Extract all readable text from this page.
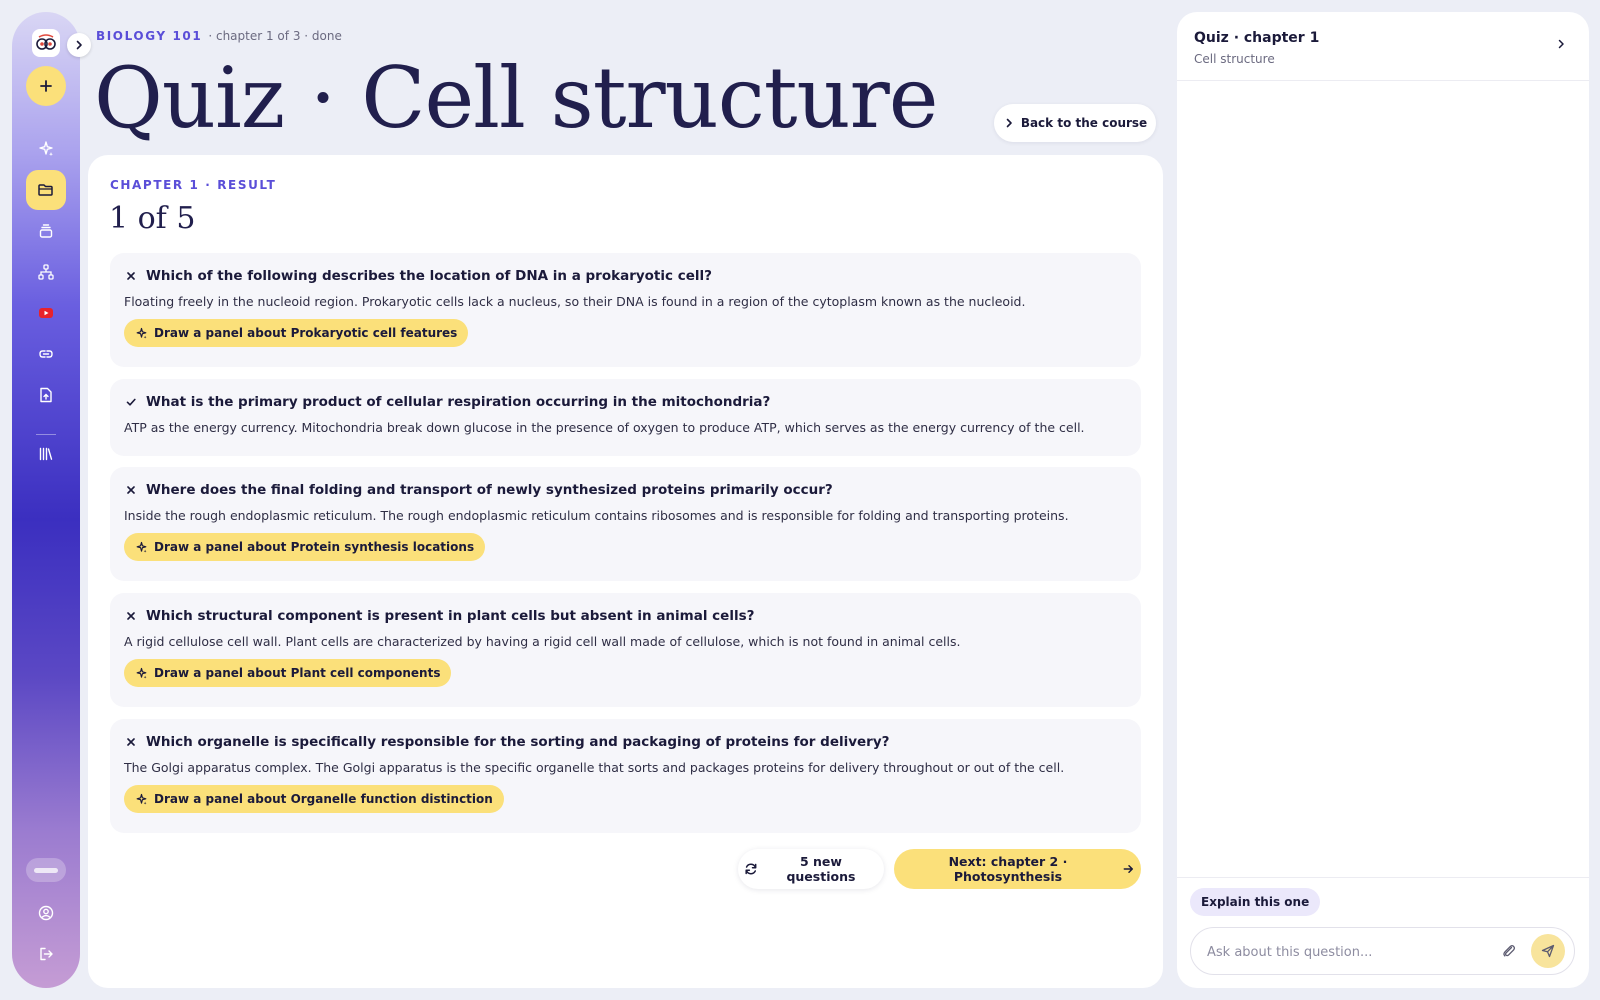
BIOLOGY 101 · chapter 1 of 3 · done
Quiz · Cell structure	Back to the course
CHAPTER 1 · RESULT
1 of 5
Which of the following describes the location of DNA in a prokaryotic cell?
Floating freely in the nucleoid region. Prokaryotic cells lack a nucleus, so their DNA is found in a region of the cytoplasm known as the nucleoid.
Draw a panel about Prokaryotic cell features
What is the primary product of cellular respiration occurring in the mitochondria?
ATP as the energy currency. Mitochondria break down glucose in the presence of oxygen to produce ATP, which serves as the energy currency of the cell.
Where does the final folding and transport of newly synthesized proteins primarily occur?
Inside the rough endoplasmic reticulum. The rough endoplasmic reticulum contains ribosomes and is responsible for folding and transporting proteins.
Draw a panel about Protein synthesis locations
Which structural component is present in plant cells but absent in animal cells?
A rigid cellulose cell wall. Plant cells are characterized by having a rigid cell wall made of cellulose, which is not found in animal cells.
Draw a panel about Plant cell components
Which organelle is specifically responsible for the sorting and packaging of proteins for delivery?
The Golgi apparatus complex. The Golgi apparatus is the specific organelle that sorts and packages proteins for delivery throughout or out of the cell.
Draw a panel about Organelle function distinction
5 new questions
Next: chapter 2 · Photosynthesis
Quiz · chapter 1
Cell structure
Explain this one
Ask about this question...
